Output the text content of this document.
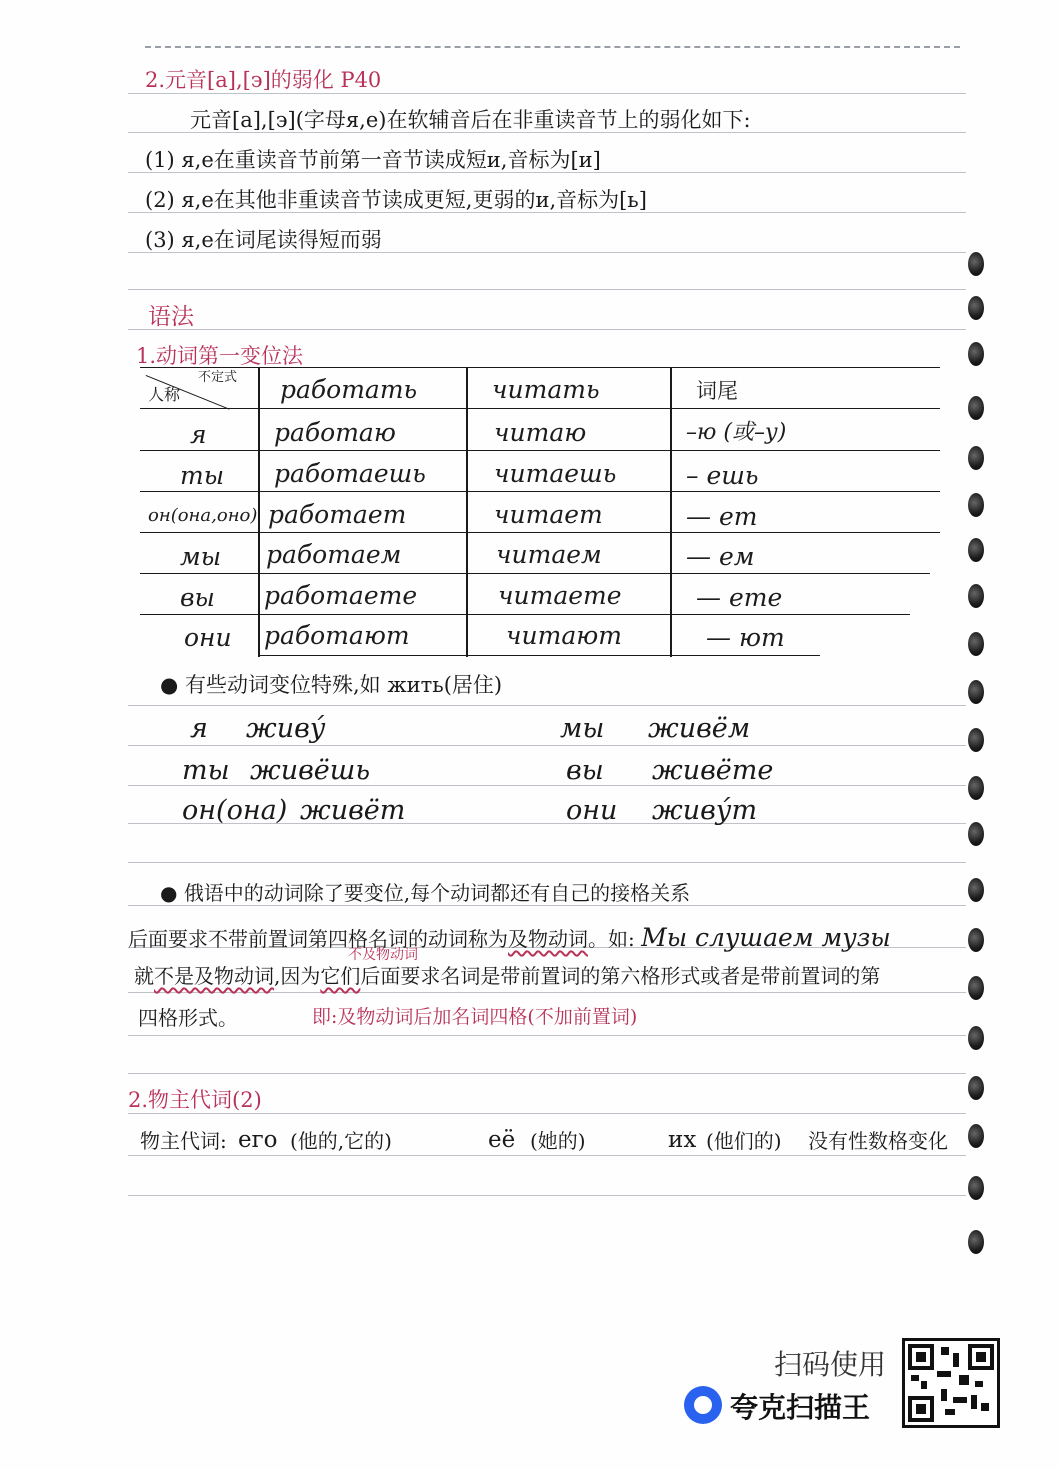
2.元音[a],[э]的弱化 P40
元音[a],[э](字母я,е)在软辅音后在非重读音节上的弱化如下:
(1) я,е在重读音节前第一音节读成短и,音标为[и]
(2) я,е在其他非重读音节读成更短,更弱的и,音标为[ь]
(3) я,е在词尾读得短而弱
语法
1.动词第一变位法
不定式
人称	работать	читать	词尾
я	работаю	читаю	–ю (或–у)
ты работаешь	читаешь	– ешь
он(она,оно) работает	читает	— ет
мы работаем	читаем	— ем
вы работаете	читаете	— ете
они работают	читают	— ют
● 有些动词变位特殊,如 жить(居住)
я живу́	мы живём
ты живёшь	вы живёте
он(она) живёт	они живу́т
● 俄语中的动词除了要变位,每个动词都还有自己的接格关系
不及物动词
后面要求不带前置词第四格名词的动词称为及物动词。如: Мы слушаем музы
就不是及物动词,因为它们后面要求名词是带前置词的第六格形式或者是带前置词的第
四格形式。	即:及物动词后加名词四格(不加前置词)
2.物主代词(2)
物主代词: его (他的,它的)	её (她的)	их (他们的) 没有性数格变化
扫码使用
夸克扫描王
